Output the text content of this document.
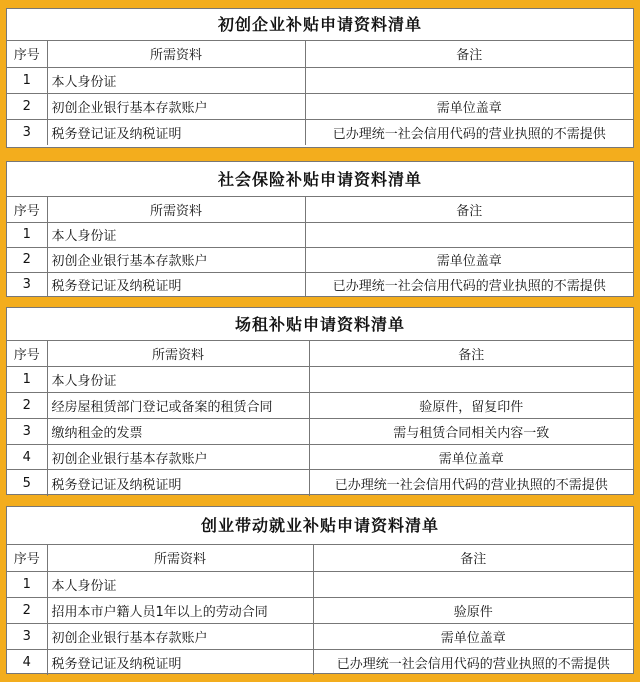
初创企业补贴申请资料清单
序号	所需资料	备注
1	本人身份证	
2	初创企业银行基本存款账户	需单位盖章
3	税务登记证及纳税证明	已办理统一社会信用代码的营业执照的不需提供
社会保险补贴申请资料清单
序号	所需资料	备注
1	本人身份证	
2	初创企业银行基本存款账户	需单位盖章
3	税务登记证及纳税证明	已办理统一社会信用代码的营业执照的不需提供
场租补贴申请资料清单
序号	所需资料	备注
1	本人身份证	
2	经房屋租赁部门登记或备案的租赁合同	验原件，留复印件
3	缴纳租金的发票	需与租赁合同相关内容一致
4	初创企业银行基本存款账户	需单位盖章
5	税务登记证及纳税证明	已办理统一社会信用代码的营业执照的不需提供
创业带动就业补贴申请资料清单
序号	所需资料	备注
1	本人身份证	
2	招用本市户籍人员1年以上的劳动合同	验原件
3	初创企业银行基本存款账户	需单位盖章
4	税务登记证及纳税证明	已办理统一社会信用代码的营业执照的不需提供
